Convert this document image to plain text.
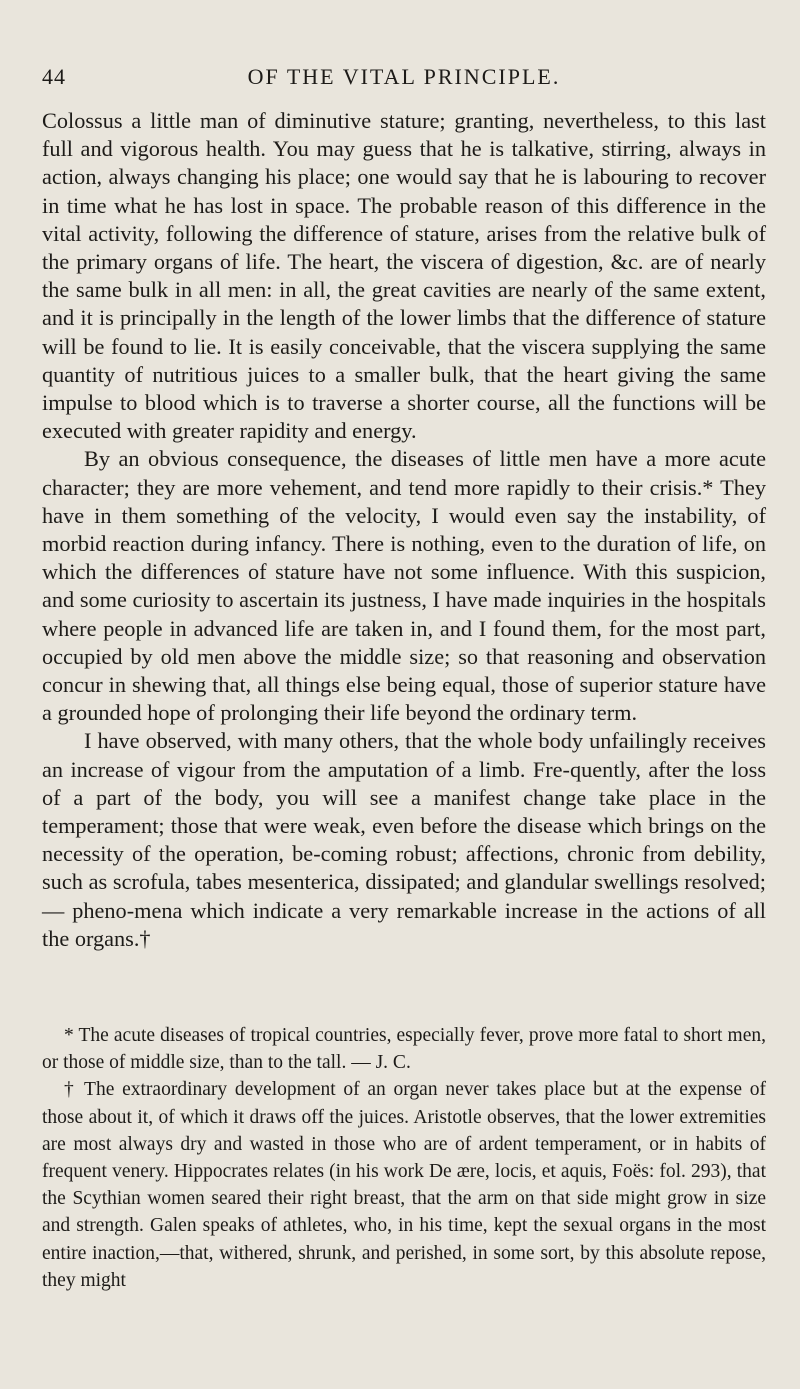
44	OF THE VITAL PRINCIPLE.

Colossus a little man of diminutive stature; granting, nevertheless, to this last full and vigorous health. You may guess that he is talkative, stirring, always in action, always changing his place; one would say that he is labouring to recover in time what he has lost in space. The probable reason of this difference in the vital activity, following the difference of stature, arises from the relative bulk of the primary organs of life. The heart, the viscera of digestion, &c. are of nearly the same bulk in all men: in all, the great cavities are nearly of the same extent, and it is principally in the length of the lower limbs that the difference of stature will be found to lie. It is easily conceivable, that the viscera supplying the same quantity of nutritious juices to a smaller bulk, that the heart giving the same impulse to blood which is to traverse a shorter course, all the functions will be executed with greater rapidity and energy.

By an obvious consequence, the diseases of little men have a more acute character; they are more vehement, and tend more rapidly to their crisis.* They have in them something of the velocity, I would even say the instability, of morbid reaction during infancy. There is nothing, even to the duration of life, on which the differences of stature have not some influence. With this suspicion, and some curiosity to ascertain its justness, I have made inquiries in the hospitals where people in advanced life are taken in, and I found them, for the most part, occupied by old men above the middle size; so that reasoning and observation concur in shewing that, all things else being equal, those of superior stature have a grounded hope of prolonging their life beyond the ordinary term.

I have observed, with many others, that the whole body unfailingly receives an increase of vigour from the amputation of a limb. Fre-quently, after the loss of a part of the body, you will see a manifest change take place in the temperament; those that were weak, even before the disease which brings on the necessity of the operation, be-coming robust; affections, chronic from debility, such as scrofula, tabes mesenterica, dissipated; and glandular swellings resolved; — pheno-mena which indicate a very remarkable increase in the actions of all the organs.†

* The acute diseases of tropical countries, especially fever, prove more fatal to short men, or those of middle size, than to the tall. — J. C.

† The extraordinary development of an organ never takes place but at the expense of those about it, of which it draws off the juices. Aristotle observes, that the lower extremities are most always dry and wasted in those who are of ardent temperament, or in habits of frequent venery. Hippocrates relates (in his work De ære, locis, et aquis, Foës: fol. 293), that the Scythian women seared their right breast, that the arm on that side might grow in size and strength. Galen speaks of athletes, who, in his time, kept the sexual organs in the most entire inaction,—that, withered, shrunk, and perished, in some sort, by this absolute repose, they might
